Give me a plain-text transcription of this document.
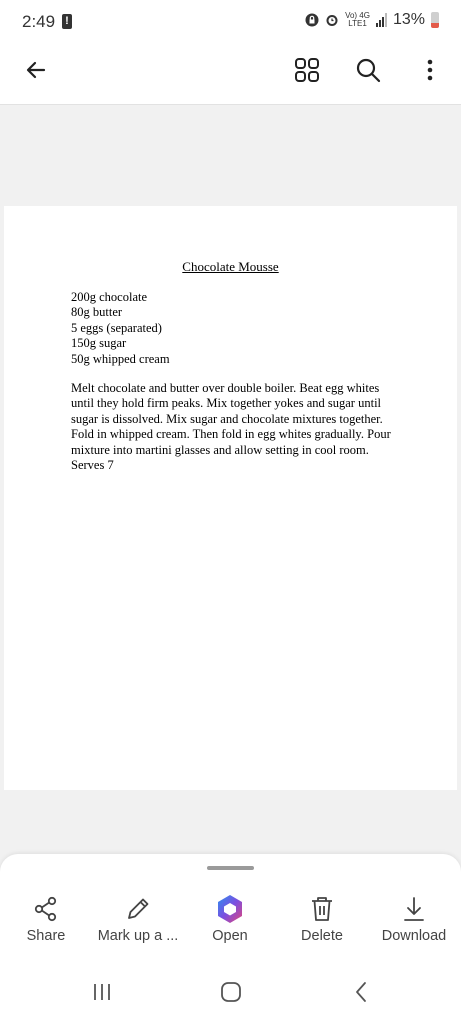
2:49 !	Vo) 4G
LTE1 13%
Chocolate Mousse
200g chocolate
80g butter
5 eggs (separated)
150g sugar
50g whipped cream

Melt chocolate and butter over double boiler. Beat egg whites until they hold firm peaks. Mix together yokes and sugar until sugar is dissolved. Mix sugar and chocolate mixtures together. Fold in whipped cream. Then fold in egg whites gradually. Pour mixture into martini glasses and allow setting in cool room. Serves 7

Share	Mark up a ...	Open	Delete	Download
